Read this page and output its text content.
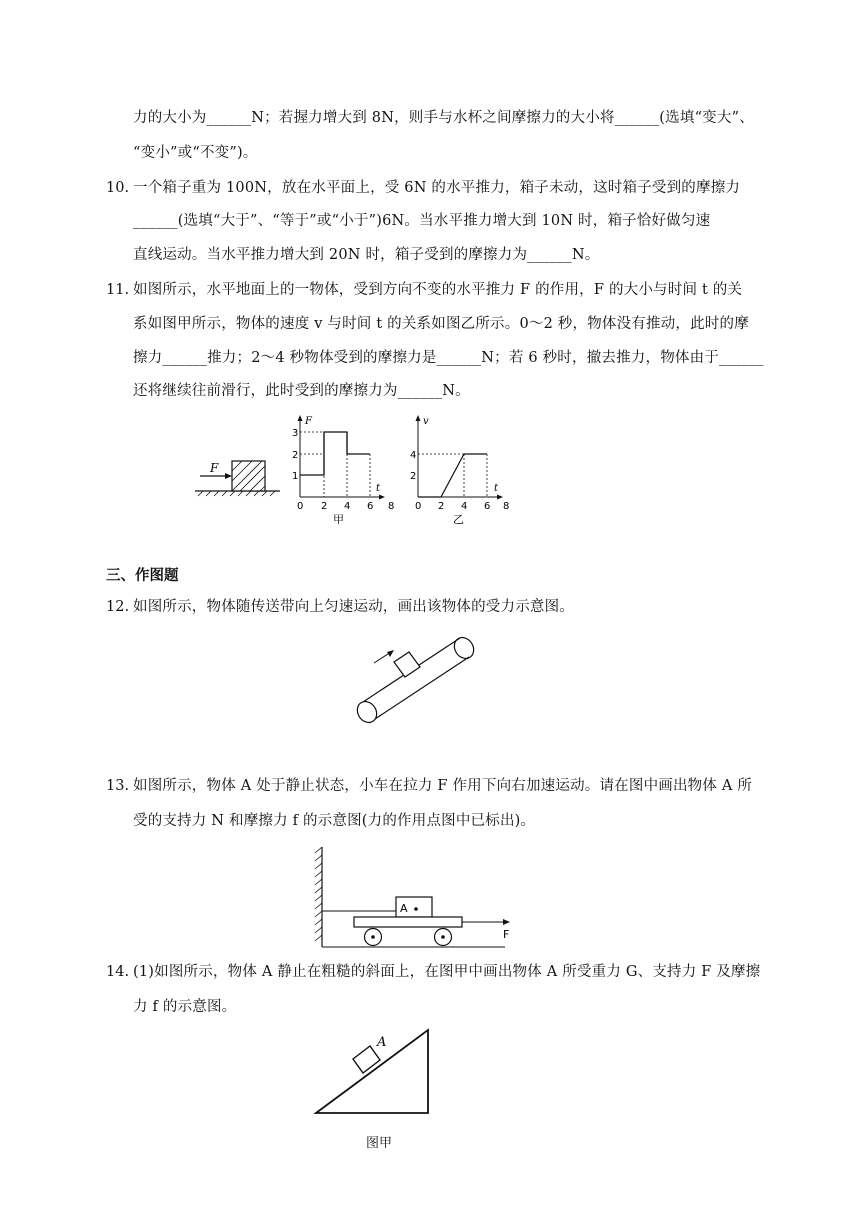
力的大小为______N；若握力增大到 8N，则手与水杯之间摩擦力的大小将______(选填“变大”、
“变小”或“不变”)。
10. 一个箱子重为 100N，放在水平面上，受 6N 的水平推力，箱子未动，这时箱子受到的摩擦力
______(选填“大于”、“等于”或“小于”)6N。当水平推力增大到 10N 时，箱子恰好做匀速
直线运动。当水平推力增大到 20N 时，箱子受到的摩擦力为______N。
11. 如图所示，水平地面上的一物体，受到方向不变的水平推力 F 的作用，F 的大小与时间 t 的关
系如图甲所示，物体的速度 v 与时间 t 的关系如图乙所示。0～2 秒，物体没有推动，此时的摩
擦力______推力；2～4 秒物体受到的摩擦力是______N；若 6 秒时，撤去推力，物体由于______
还将继续往前滑行，此时受到的摩擦力为______N。
F
F
t
3
2
1
0 2 4 6 8
甲
v
t
4
2
0 2 4 6 8
乙
三、作图题
12. 如图所示，物体随传送带向上匀速运动，画出该物体的受力示意图。
13. 如图所示，物体 A 处于静止状态，小车在拉力 F 作用下向右加速运动。请在图中画出物体 A 所
受的支持力 N 和摩擦力 f 的示意图(力的作用点图中已标出)。
A
F
14. (1)如图所示，物体 A 静止在粗糙的斜面上，在图甲中画出物体 A 所受重力 G、支持力 F 及摩擦
力 f 的示意图。
A
图甲
